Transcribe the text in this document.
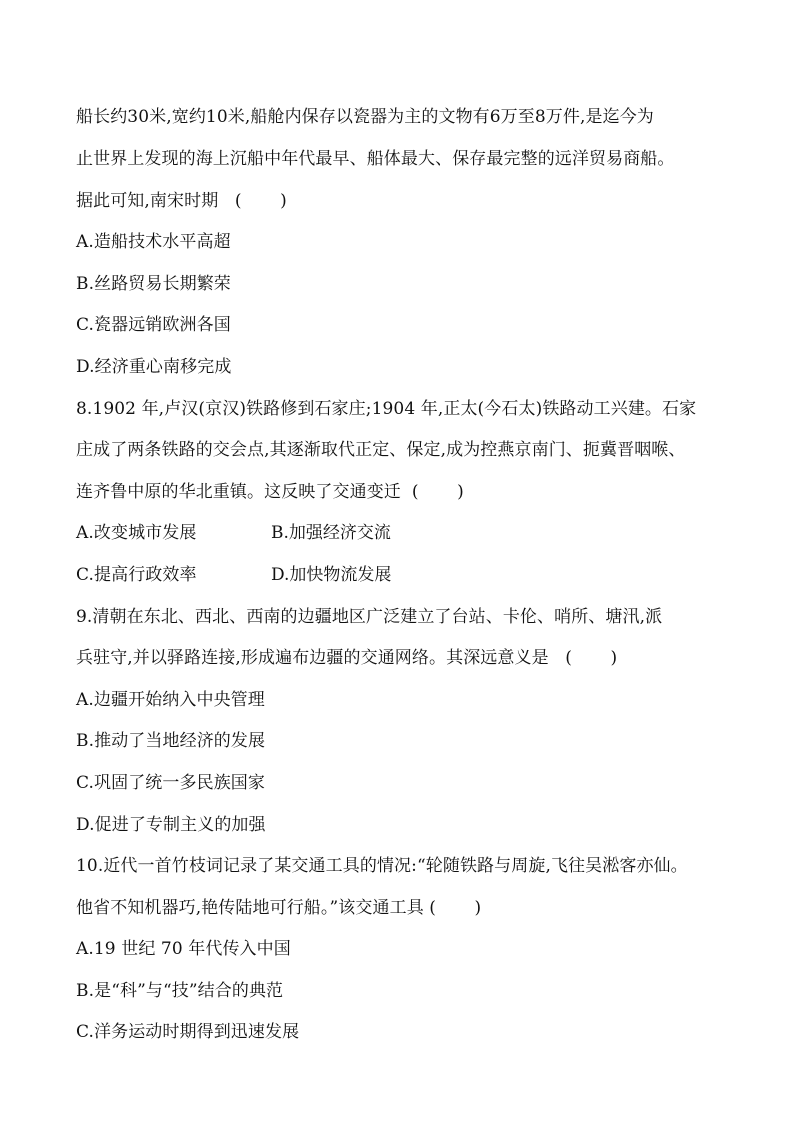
船长约30米,宽约10米,船舱内保存以瓷器为主的文物有6万至8万件,是迄今为
止世界上发现的海上沉船中年代最早、船体最大、保存最完整的远洋贸易商船。
据此可知,南宋时期   (       )
A.造船技术水平高超
B.丝路贸易长期繁荣
C.瓷器远销欧洲各国
D.经济重心南移完成
8.1902 年,卢汉(京汉)铁路修到石家庄;1904 年,正太(今石太)铁路动工兴建。石家
庄成了两条铁路的交会点,其逐渐取代正定、保定,成为控燕京南门、扼冀晋咽喉、
连齐鲁中原的华北重镇。这反映了交通变迁  (       )
A.改变城市发展	B.加强经济交流
C.提高行政效率	D.加快物流发展
9.清朝在东北、西北、西南的边疆地区广泛建立了台站、卡伦、哨所、塘汛,派
兵驻守,并以驿路连接,形成遍布边疆的交通网络。其深远意义是   (       )
A.边疆开始纳入中央管理
B.推动了当地经济的发展
C.巩固了统一多民族国家
D.促进了专制主义的加强
10.近代一首竹枝词记录了某交通工具的情况:“轮随铁路与周旋,飞往吴淞客亦仙。
他省不知机器巧,艳传陆地可行船。”该交通工具 (       )
A.19 世纪 70 年代传入中国
B.是“科”与“技”结合的典范
C.洋务运动时期得到迅速发展
